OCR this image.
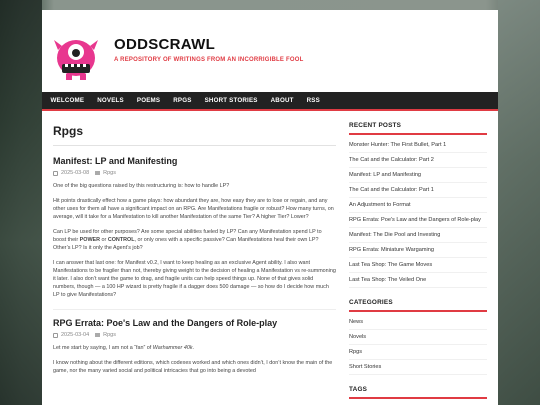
ODDSCRAWL
A REPOSITORY OF WRITINGS FROM AN INCORRIGIBLE FOOL
WELCOME	NOVELS	POEMS	RPGS	SHORT STORIES	ABOUT	RSS
Rpgs
Manifest: LP and Manifesting
2025-03-08	Rpgs

One of the big questions raised by this restructuring is: how to handle LP?

Hit points drastically effect how a game plays: how abundant they are, how easy they are to lose or regain, and any other uses for them all have a significant impact on an RPG. Are Manifestations fragile or robust? How many turns, on average, will it take for a Manifestation to kill another Manifestation of the same Tier? A higher Tier? Lower?

Can LP be used for other purposes? Are some special abilities fueled by LP? Can any Manifestation spend LP to boost their POWER or CONTROL, or only ones with a specific passive? Can Manifestations heal their own LP? Other’s LP? Is it only the Agent’s job?

I can answer that last one: for Manifest v0.2, I want to keep healing as an exclusive Agent ability. I also want Manifestations to be fragiler than not, thereby giving weight to the decision of healing a Manifestation vs re-summoning it later. I also don’t want the game to drag, and fragile units can help speed things up. None of that gives solid numbers, though — a 100 HP wizard is pretty fragile if a dagger does 500 damage — so how do I decide how much LP to give Manifestations?

RPG Errata: Poe's Law and the Dangers of Role-play
2025-03-04	Rpgs

Let me start by saying, I am not a “fan” of Warhammer 40k.

I know nothing about the different editions, which codexes worked and which ones didn’t, I don’t know the main of the game, nor the many varied social and political intricacies that go into being a devoted

RECENT POSTS
Monster Hunter: The First Bullet, Part 1
The Cat and the Calculator: Part 2
Manifest: LP and Manifesting
The Cat and the Calculator: Part 1
An Adjustment to Format
RPG Errata: Poe's Law and the Dangers of Role-play
Manifest: The Die Pool and Investing
RPG Errata: Miniature Wargaming
Last Tea Shop: The Game Moves
Last Tea Shop: The Veiled One
CATEGORIES
News
Novels
Rpgs
Short Stories
TAGS
